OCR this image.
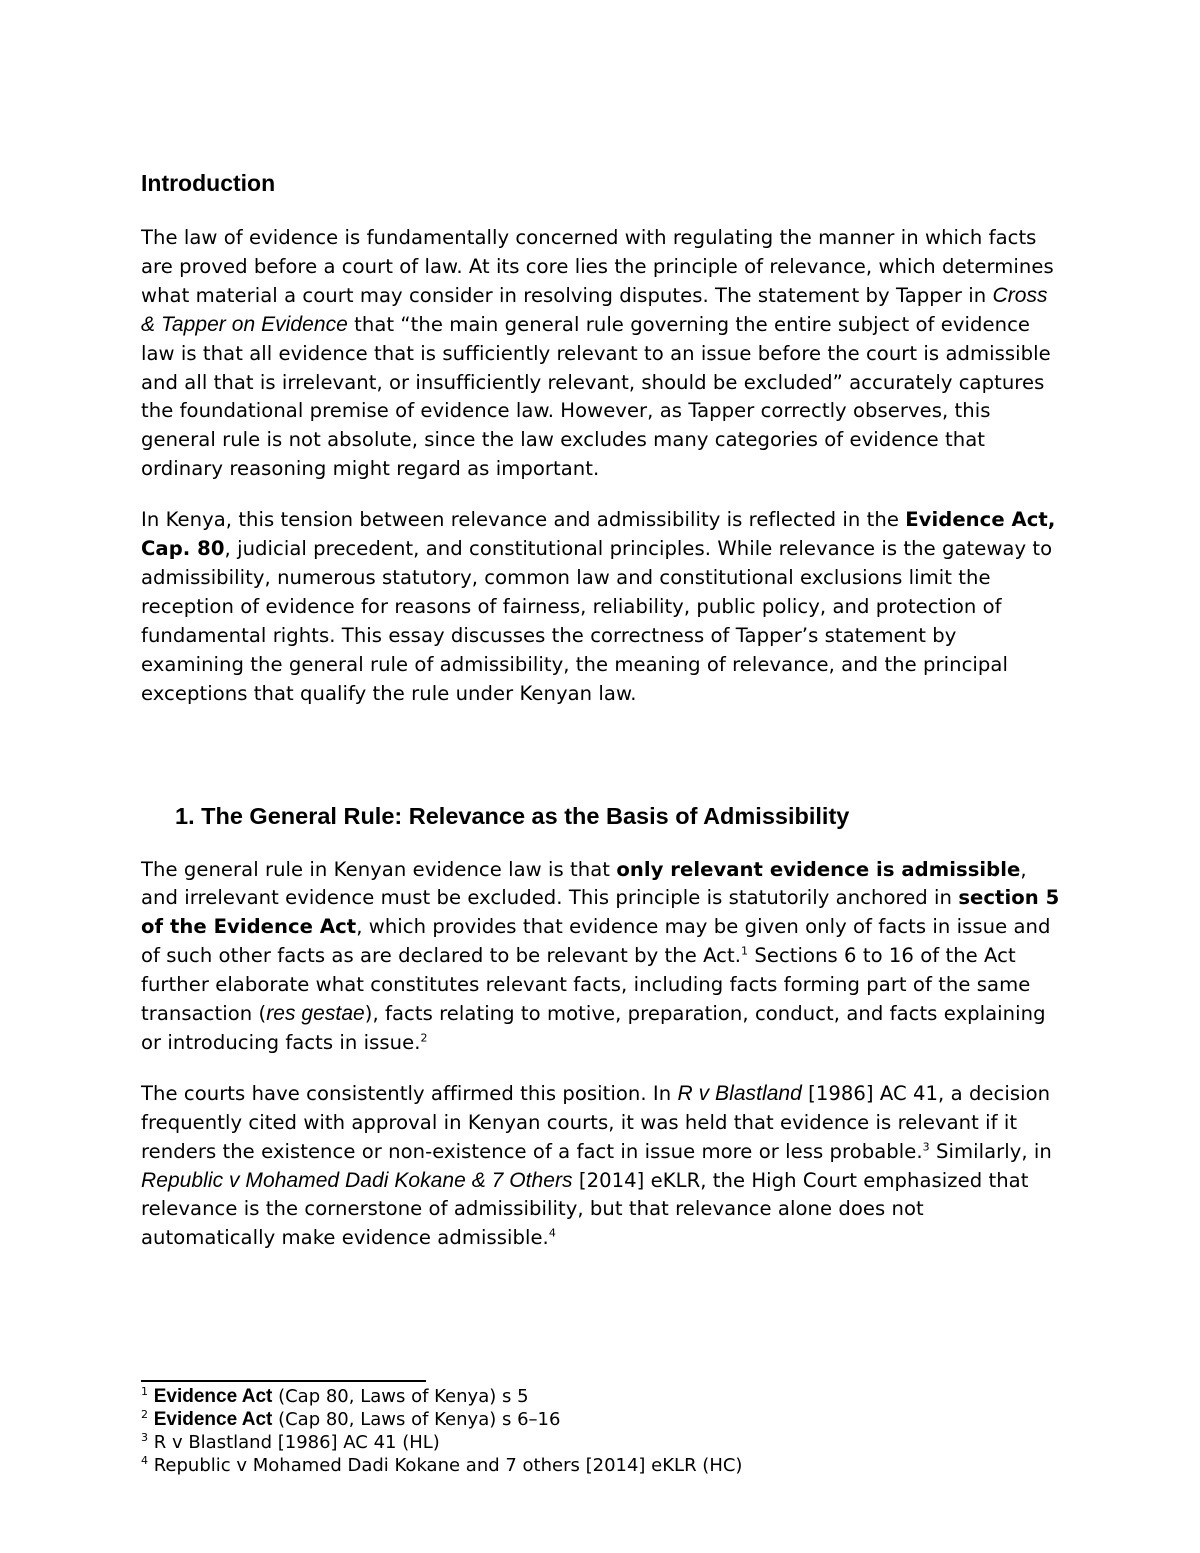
Introduction

The law of evidence is fundamentally concerned with regulating the manner in which facts are proved before a court of law. At its core lies the principle of relevance, which determines what material a court may consider in resolving disputes. The statement by Tapper in Cross & Tapper on Evidence that “the main general rule governing the entire subject of evidence law is that all evidence that is sufficiently relevant to an issue before the court is admissible and all that is irrelevant, or insufficiently relevant, should be excluded” accurately captures the foundational premise of evidence law. However, as Tapper correctly observes, this general rule is not absolute, since the law excludes many categories of evidence that ordinary reasoning might regard as important.

In Kenya, this tension between relevance and admissibility is reflected in the Evidence Act, Cap. 80, judicial precedent, and constitutional principles. While relevance is the gateway to admissibility, numerous statutory, common law and constitutional exclusions limit the reception of evidence for reasons of fairness, reliability, public policy, and protection of fundamental rights. This essay discusses the correctness of Tapper’s statement by examining the general rule of admissibility, the meaning of relevance, and the principal exceptions that qualify the rule under Kenyan law.

1. The General Rule: Relevance as the Basis of Admissibility

The general rule in Kenyan evidence law is that only relevant evidence is admissible, and irrelevant evidence must be excluded. This principle is statutorily anchored in section 5 of the Evidence Act, which provides that evidence may be given only of facts in issue and of such other facts as are declared to be relevant by the Act.$^1$ Sections 6 to 16 of the Act further elaborate what constitutes relevant facts, including facts forming part of the same transaction (res gestae), facts relating to motive, preparation, conduct, and facts explaining or introducing facts in issue.$^2$

The courts have consistently affirmed this position. In R v Blastland [1986] AC 41, a decision frequently cited with approval in Kenyan courts, it was held that evidence is relevant if it renders the existence or non-existence of a fact in issue more or less probable.$^3$ Similarly, in Republic v Mohamed Dadi Kokane & 7 Others [2014] eKLR, the High Court emphasized that relevance is the cornerstone of admissibility, but that relevance alone does not automatically make evidence admissible.$^4$

$^1$ Evidence Act (Cap 80, Laws of Kenya) s 5

$^2$ Evidence Act (Cap 80, Laws of Kenya) s 6–16

$^3$ R v Blastland [1986] AC 41 (HL)

$^4$ Republic v Mohamed Dadi Kokane and 7 others [2014] eKLR (HC)
